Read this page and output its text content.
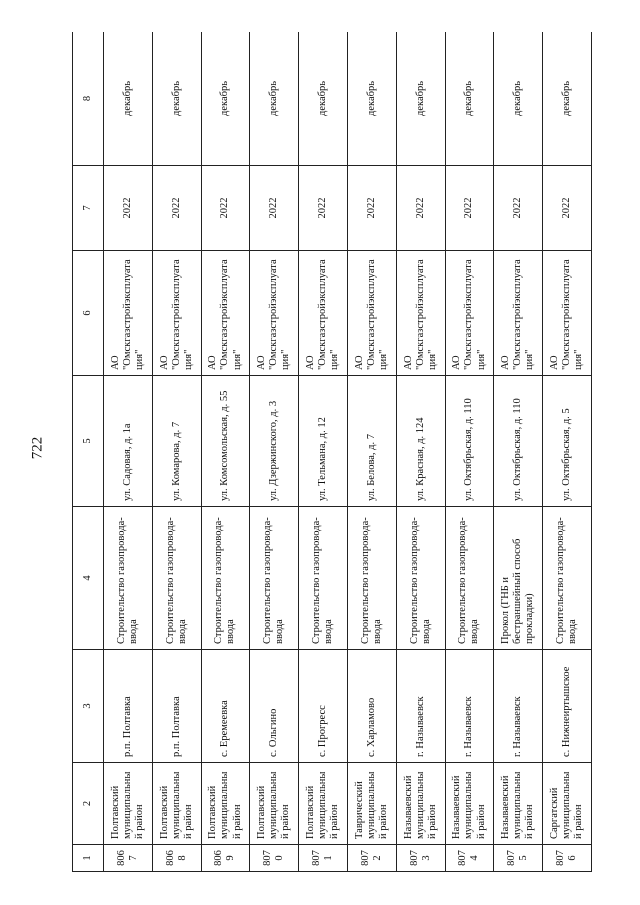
722
1	2	3	4	5	6	7	8
8067	Полтавский муниципальный район	р.п. Полтавка	Строительство газопровода-ввода	ул. Садовая, д. 1а	АО "Омскгазстройэксплуатация"	2022	декабрь
8068	Полтавский муниципальный район	р.п. Полтавка	Строительство газопровода-ввода	ул. Комарова, д. 7	АО "Омскгазстройэксплуатация"	2022	декабрь
8069	Полтавский муниципальный район	с. Еремеевка	Строительство газопровода-ввода	ул. Комсомольская, д. 55	АО "Омскгазстройэксплуатация"	2022	декабрь
8070	Полтавский муниципальный район	с. Ольгино	Строительство газопровода-ввода	ул. Дзержинского, д. 3	АО "Омскгазстройэксплуатация"	2022	декабрь
8071	Полтавский муниципальный район	с. Прогресс	Строительство газопровода-ввода	ул. Тельмана, д. 12	АО "Омскгазстройэксплуатация"	2022	декабрь
8072	Таврический муниципальный район	с. Харламово	Строительство газопровода-ввода	ул. Белова, д. 7	АО "Омскгазстройэксплуатация"	2022	декабрь
8073	Называевский муниципальный район	г. Называевск	Строительство газопровода-ввода	ул. Красная, д. 124	АО "Омскгазстройэксплуатация"	2022	декабрь
8074	Называевский муниципальный район	г. Называевск	Строительство газопровода-ввода	ул. Октябрьская, д. 110	АО "Омскгазстройэксплуатация"	2022	декабрь
8075	Называевский муниципальный район	г. Называевск	Прокол (ГНБ и бестраншейный способ прокладки)	ул. Октябрьская, д. 110	АО "Омскгазстройэксплуатация"	2022	декабрь
8076	Саргатский муниципальный район	с. Нижнеиртышское	Строительство газопровода-ввода	ул. Октябрьская, д. 5	АО "Омскгазстройэксплуатация"	2022	декабрь
